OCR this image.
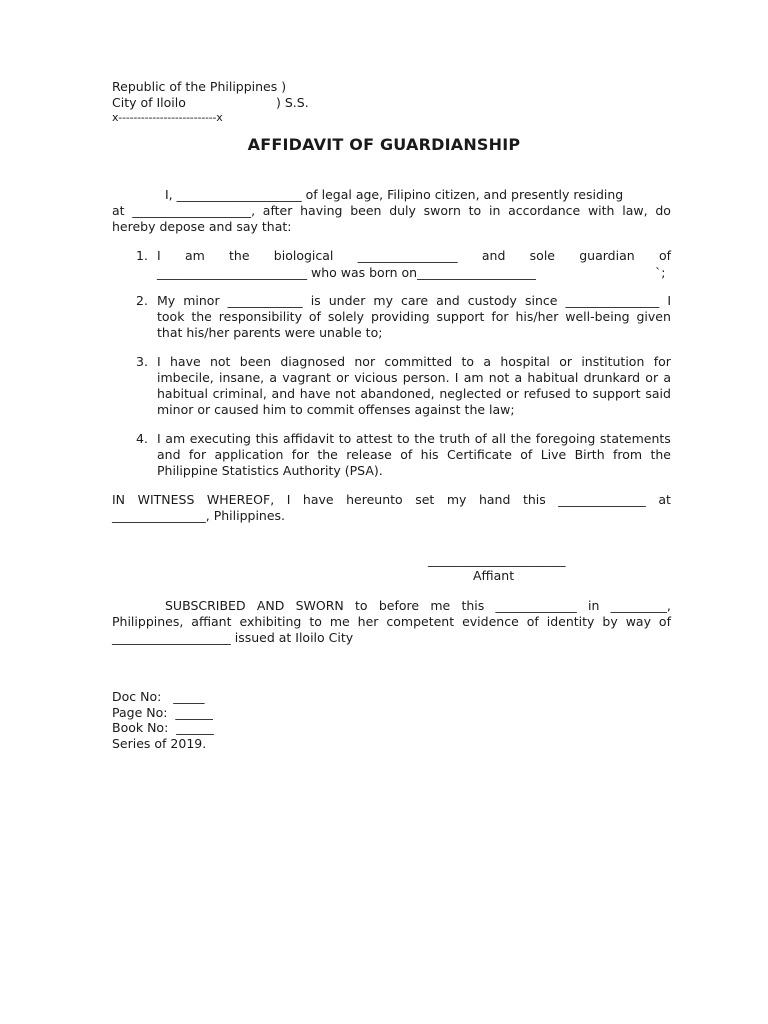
Republic of the Philippines )
City of Iloilo	) S.S.
x--------------------------x
AFFIDAVIT OF GUARDIANSHIP
I, ____________________ of legal age, Filipino citizen, and presently residing
at ___________________, after having been duly sworn to in accordance with law, do
hereby depose and say that:
1. I am the biological ________________ and sole guardian of
________________________ who was born on___________________	`;
2. My minor ____________ is under my care and custody since _______________ I
took the responsibility of solely providing support for his/her well-being given
that his/her parents were unable to;
3. I have not been diagnosed nor committed to a hospital or institution for
imbecile, insane, a vagrant or vicious person. I am not a habitual drunkard or a
habitual criminal, and have not abandoned, neglected or refused to support said
minor or caused him to commit offenses against the law;
4. I am executing this affidavit to attest to the truth of all the foregoing statements
and for application for the release of his Certificate of Live Birth from the
Philippine Statistics Authority (PSA).
IN WITNESS WHEREOF, I have hereunto set my hand this ______________ at
_______________, Philippines.
______________________
Affiant
SUBSCRIBED AND SWORN to before me this _____________ in _________,
Philippines, affiant exhibiting to me her competent evidence of identity by way of
___________________ issued at Iloilo City
Doc No:   _____
Page No:  ______
Book No:  ______
Series of 2019.
